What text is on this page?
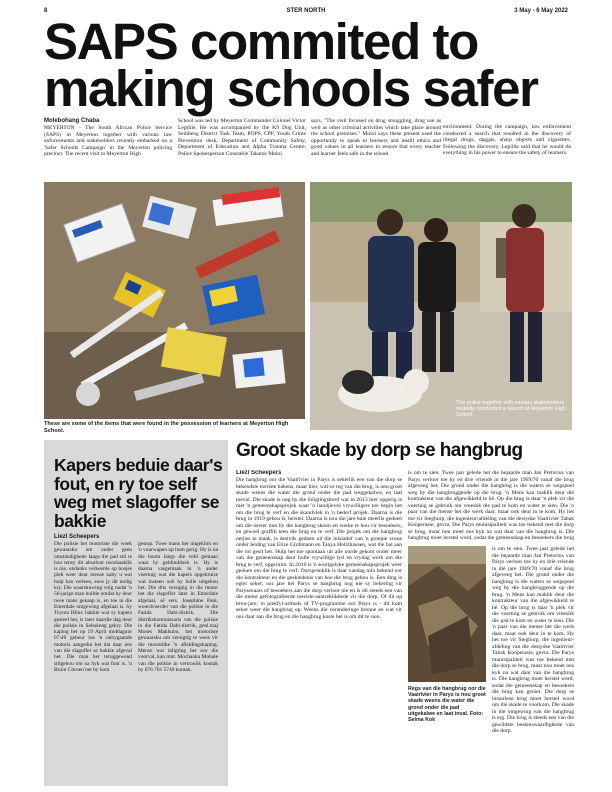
8	STER NORTH	3 May - 6 May 2022
SAPS commited to
making schools safer
Molebohang Chaba
MEYERTON - The South African Police Service (SAPS) in Meyerton together with various law enforcements and stakeholders recently embarked on a 'Safer Schools Campaign' in the Meyerton policing precinct. The recent visit to Meyerton High
School was led by Meyerton Commander Colonel Victor Lepilile. He was accompanied by the K9 Dog Unit, Sedibeng District Task Team, POPS, CPF, Youth Crime Prevention desk, Department of Community Safety, Department of Education and Alpha Trauma Centre. Police Spokesperson Constable Takatso Moloi
says, "The visit focused on drug smuggling, drug use as well as other criminal activities which take place around the school premises." Moloi says these present used the opportunity to speak to learners and instill ethics and good values in all learners to ensure that every teacher and learner feels safe in the school
environment. During the campaign, law enforcement conducted a search that resulted in the discovery of illegal drugs, daggas, sharp objects and cigarettes. Following the discovery, Lepilile said that he would do everything in his power to ensure the safety of learners.
These are some of the items that were found in the possession of learners at Meyerton High School.
The police together with various stakeholders recently conducted a search at Meyerton High School.
Kapers beduie daar's fout, en ry toe self weg met slagoffer se bakkie
Liezl Scheepers
Die polisie het motoriste die week gewaarsku om onder geen omstandighede langs die pad stil te hou tensy dit absoluut noodsaaklik is nie, ondanks verkeerde op bosjes plek weer deur mense naby u wat hulp kan verleen, soos jy dit nodig kry. Die waarskuwing volg nadat 'n 56-jarige man huilde omdat hy deur twee mans gekaap is, en toe in die Emerdale omgewing afgelaai is. Sy Toyota Hilux bakkie wat sy kapers gesteel het, is later daardie dag deur die polisie in Sebokeng gekry. Die kaping het op 19 April middaguur 07:40 gebeur toe 'n onbygaande motoris aangedui het dat daar iets van die slagoffer se bakkie afgeval het. Die man het teruggewend stilgehou om na hyk wat fout is. 'n Bruin Citroen het by hom
gestop. Twee mans het uitgeklim en 'n vuurwapen op hom gerig. Hy is na die boom langs die veld gemaan waar hy geblinddoek is. Hy is daarna vasgemaak in 'n ander voertuig wat die kapers opgekruise wat insteen ook hy hulle uitgehou het. Die dits versigtig in die motor het die slagoffer later in Emerdale afgelaai, sê sers. Josephine Pani, woordvoerder van die polisie in die Fatida Dabi-distrik. Die distrikskommissaris van die polisie in die Fatida Dabi-distrik, genl.maj Moses Makhubo, het motoriste gewaarsku om versigtig te wees vir die moontlike 'n afleidingskaping. Mense wat inligting het oor die voorval, kan mnr. Mochanka Mohale van die polisie in vertroulik kontak by 076 701 5740 kontak.
Groot skade by dorp se hangbrug
Liezl Scheepers
Die hangbrug oor die Vaalrivier in Parys is sekerlik een van die dorp se bekendste toeriste bakens, maar hier, wat so reg van die brug, is nou groot skade weens die water die grond onder die pad weggekalwe, en laat toeval. Die skade is nog by die inligtingsbord wat in 2013 hier opgerig is met 'n gemeenskapsprojek waar 'n handjievol vrywilligers toe begin het om die brug te verf en die skandvlek in 'n bederf projek. Daarna is die brug in 1919 gebou is, herstel. Daarna is nou die jare baie meerlis gedoen om die oewer met hy die hangbrug skoon en werke te hou vir besoekers, en gewoel graffiti teen die brug en te verf. Die projek om die hangbrug netjies te maak, is destyds gedoen uit die inisiatief van 'n groepie vroue onder leiding van Elize Grobmann en Tanya Holtzhausen, wat die bal aan die rol gesit het. Hulp het toe spontaan uit alle oorde gekom onder meer van die gemeenskap deur hulle vrywillige tyd en vrydag werk om die brug te verf, opgeruim. In 2016 is 'n soortgelyke gemeenskapsprojek weer gedoen om die brug te verf. Oorspronklik is daar vandag min bekend oor die kontrakteur en die geskiedenis van hoe die brug gebou is. Een ding is egter seker, oor jare het Parys se hangbrug nog nie sy bekering vir Parysenaars of besoekers aan die dorp verloor nie en is dit steeds een van die meest gefotografeerde toeriste-aantreklikhede vir die dorp. Of dit op brou-jare, in piekfyl-artikels of TV-programme oor Parys is - dit kom seker weer die hangbrug op. Weens die veranderinge bronne en wat vir ons daar aan die brug en die hangbrug koste het is om dit te sien.
is om te sien. Twee jaar gelede het die bejaarde man Jan Pretorius van Parys verloor toe hy en drie vriende in die jare 1969/70 vanaf die brug afgeveeg het. Die grond onder die hangbrug is die waters se wegspoel weg by die hangbruggende op die brug. 'n Mens kan maklik deur die kontrakteur van die afgewikkeld te hê. Op die brug is daar 'n plek vir die voertuig se gebruik om vreeslik die pad te kom en water te sien. Die 'n paar van die mense het die werk daar, maar ook deur in te kom. Hy het toe vir Steghorp, die ingenieur-afdeling van die destydse Vaalrivier Tabak Koöperasie, gevra. Die Parys munisipaliteit was toe bekend met die dorp se brug, maar nou moet ons kyk na wat daar van die hangbrug is. Die hangbrug moet herstel word, sodat die gemeenskap en besoekers die brug
Regs van die hangbrug oor die Vaalrivier in Parys is nou groot skade weens die water die grond onder die pad uitgekalwe en laat inval. Foto: Selma Kok
is om te sien. Twee jaar gelede het die bejaarde man Jan Pretorius van Parys verloor toe hy en drie vriende in die jare 1969/70 vanaf die brug afgeveeg het. Die grond onder die hangbrug is die waters se wegspoel weg by die hangbruggende op die brug. 'n Mens kan maklik deur die kontrakteur van die afgewikkeld te hê. Op die brug is daar 'n plek vir die voertuig se gebruik om vreeslik die pad te kom en water te sien. Die 'n paar van die mense het die werk daar, maar ook deur in te kom. Hy het toe vir Steghorp, die ingenieur-afdeling van die destydse Vaalrivier Tabak Koöperasie, gevra. Die Parys munisipaliteit was toe bekend met die dorp se brug, maar nou moet ons kyk na wat daar van die hangbrug is. Die hangbrug moet herstel word, sodat die gemeenskap en besoekers die brug kan geniet. Die dorp se historiese brug moet herstel word om die skade te voorkom. Die skade in die omgewing van die hangbrug is erg. Die brug is steeds een van die gewildste besienswaardighede van die dorp.
